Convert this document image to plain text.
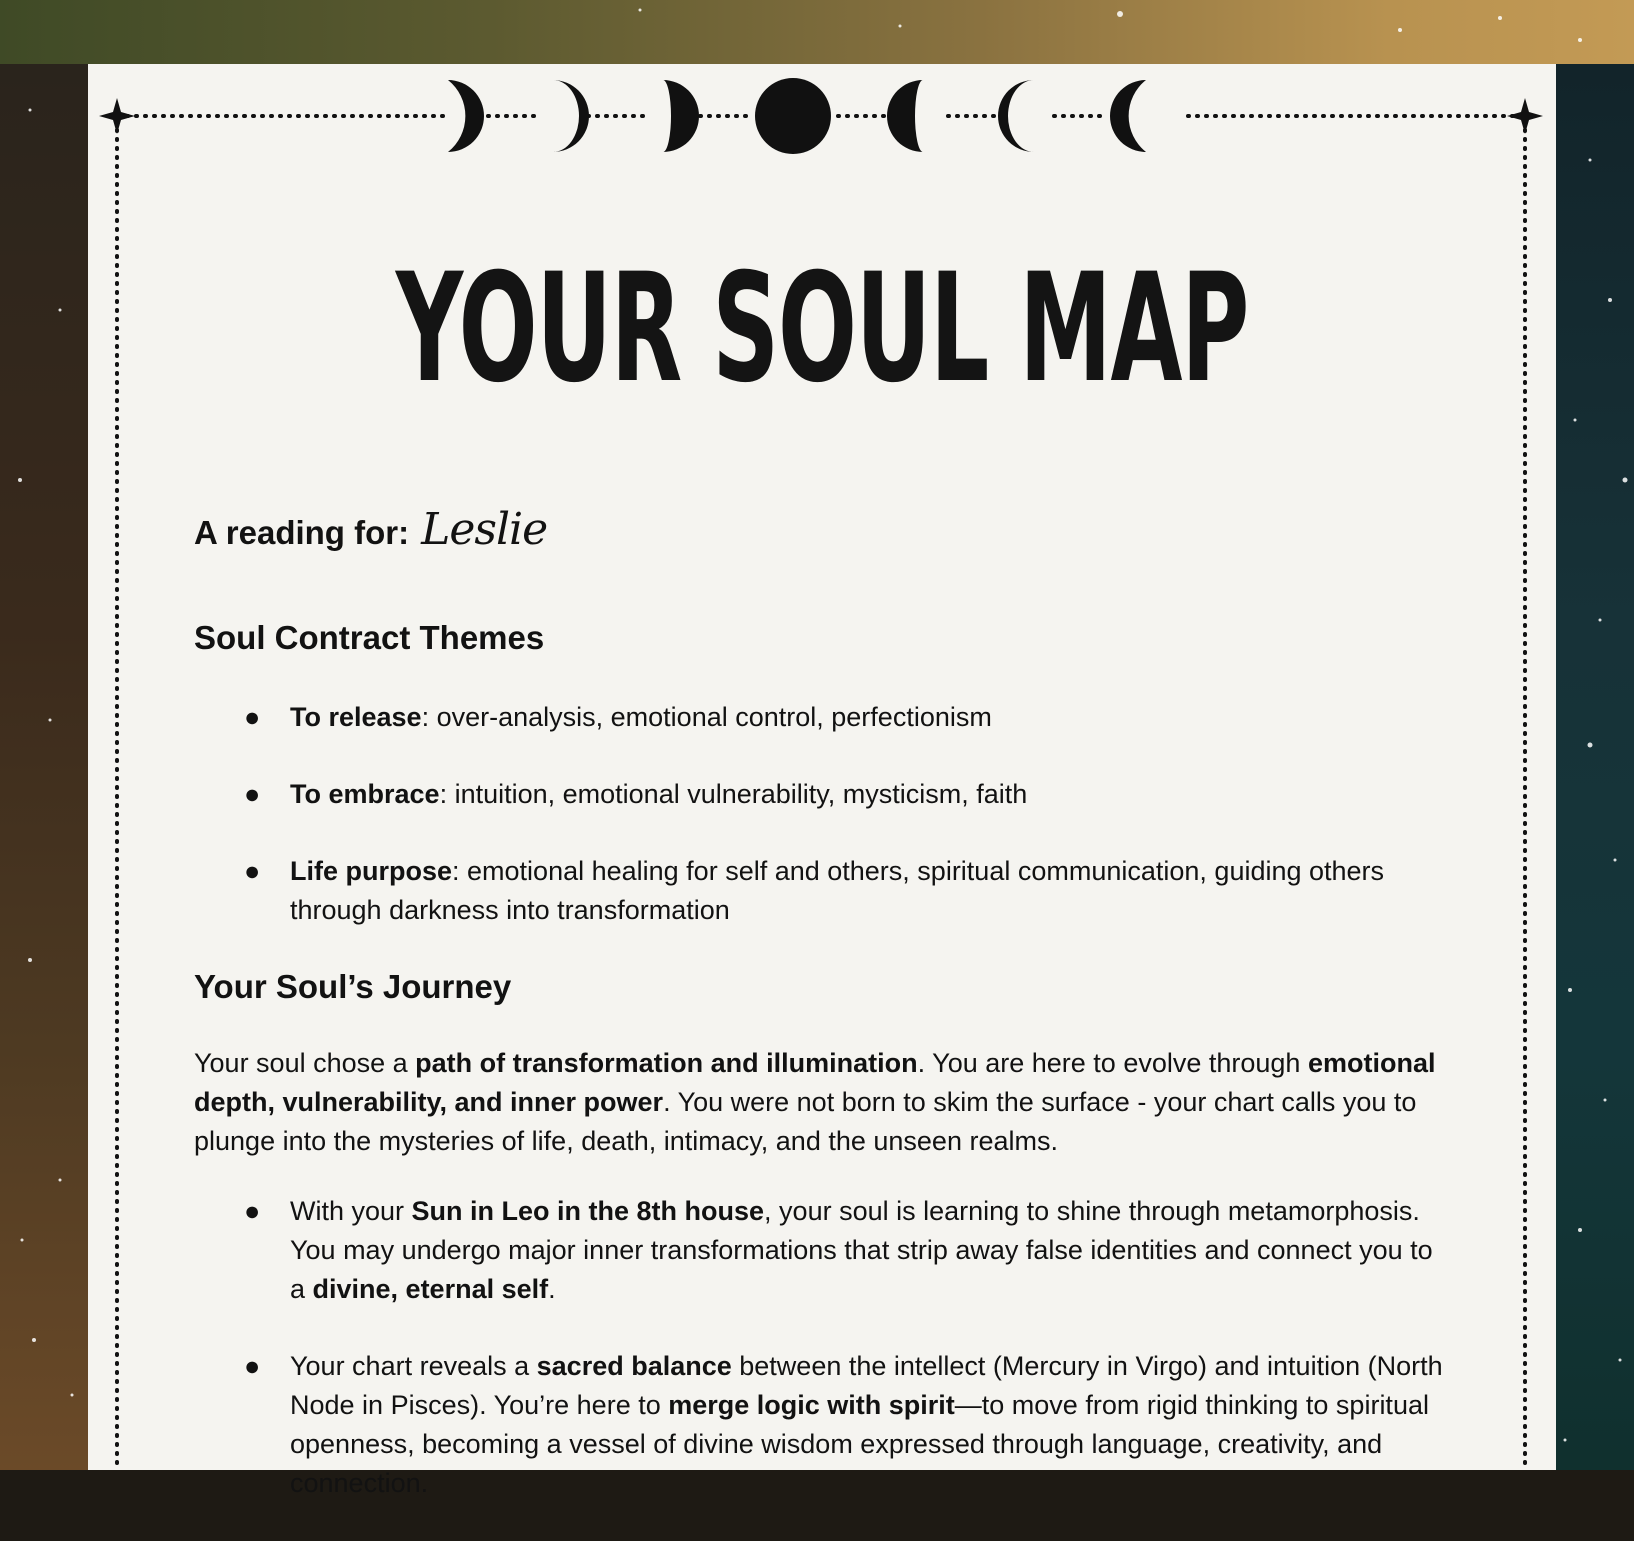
YOUR SOUL MAP
A reading for: Leslie
Soul Contract Themes
● To release: over-analysis, emotional control, perfectionism
● To embrace: intuition, emotional vulnerability, mysticism, faith
● Life purpose: emotional healing for self and others, spiritual communication, guiding others through darkness into transformation
Your Soul’s Journey

Your soul chose a path of transformation and illumination. You are here to evolve through emotional depth, vulnerability, and inner power. You were not born to skim the surface - your chart calls you to plunge into the mysteries of life, death, intimacy, and the unseen realms.

● With your Sun in Leo in the 8th house, your soul is learning to shine through metamorphosis. You may undergo major inner transformations that strip away false identities and connect you to a divine, eternal self.
● Your chart reveals a sacred balance between the intellect (Mercury in Virgo) and intuition (North Node in Pisces). You’re here to merge logic with spirit—to move from rigid thinking to spiritual openness, becoming a vessel of divine wisdom expressed through language, creativity, and connection.
